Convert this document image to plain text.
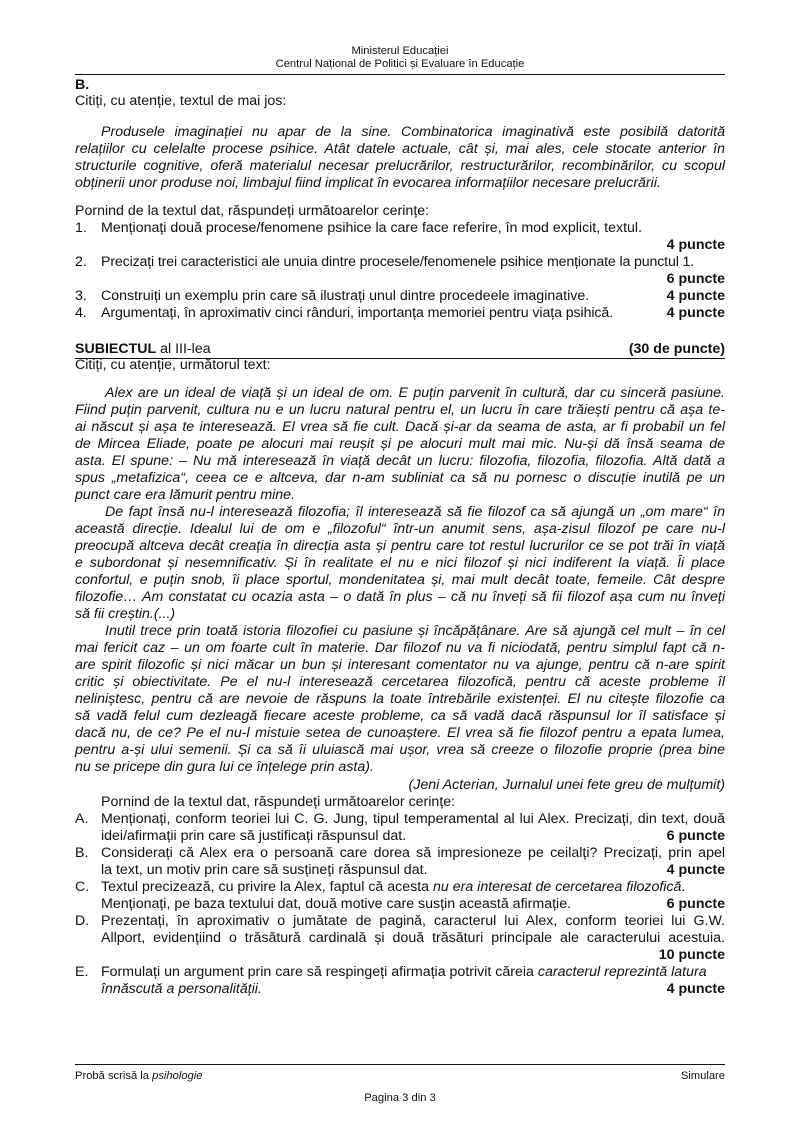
Ministerul Educației
Centrul Național de Politici și Evaluare în Educație
B.
Citiți, cu atenție, textul de mai jos:
Produsele imaginației nu apar de la sine. Combinatorica imaginativă este posibilă datorită
relațiilor cu celelalte procese psihice. Atât datele actuale, cât și, mai ales, cele stocate anterior în
structurile cognitive, oferă materialul necesar prelucrărilor, restructurărilor, recombinărilor, cu scopul
obținerii unor produse noi, limbajul fiind implicat în evocarea informațiilor necesare prelucrării.
Pornind de la textul dat, răspundeți următoarelor cerințe:
1. Menționați două procese/fenomene psihice la care face referire, în mod explicit, textul.
4 puncte
2. Precizați trei caracteristici ale unuia dintre procesele/fenomenele psihice menționate la punctul 1.
6 puncte
3. Construiți un exemplu prin care să ilustrați unul dintre procedeele imaginative.	4 puncte
4. Argumentați, în aproximativ cinci rânduri, importanța memoriei pentru viața psihică.	4 puncte
SUBIECTUL al III-lea	(30 de puncte)
Citiți, cu atenție, următorul text:
Alex are un ideal de viață și un ideal de om. E puțin parvenit în cultură, dar cu sinceră pasiune.
Fiind puțin parvenit, cultura nu e un lucru natural pentru el, un lucru în care trăiești pentru că așa te-
ai născut și așa te interesează. El vrea să fie cult. Dacă și-ar da seama de asta, ar fi probabil un fel
de Mircea Eliade, poate pe alocuri mai reușit și pe alocuri mult mai mic. Nu-și dă însă seama de
asta. El spune: – Nu mă interesează în viață decât un lucru: filozofia, filozofia, filozofia. Altă dată a
spus „metafizica“, ceea ce e altceva, dar n-am subliniat ca să nu pornesc o discuție inutilă pe un
punct care era lămurit pentru mine.
De fapt însă nu-l interesează filozofia; îl interesează să fie filozof ca să ajungă un „om mare“ în
această direcție. Idealul lui de om e „filozoful“ într-un anumit sens, așa-zisul filozof pe care nu-l
preocupă altceva decât creația în direcția asta și pentru care tot restul lucrurilor ce se pot trăi în viață
e subordonat și nesemnificativ. Și în realitate el nu e nici filozof și nici indiferent la viață. Îi place
confortul, e puțin snob, îi place sportul, mondenitatea și, mai mult decât toate, femeile. Cât despre
filozofie… Am constatat cu ocazia asta – o dată în plus – că nu înveți să fii filozof așa cum nu înveți
să fii creștin.(...)
Inutil trece prin toată istoria filozofiei cu pasiune și încăpățânare. Are să ajungă cel mult – în cel
mai fericit caz – un om foarte cult în materie. Dar filozof nu va fi niciodată, pentru simplul fapt că n-
are spirit filozofic și nici măcar un bun și interesant comentator nu va ajunge, pentru că n-are spirit
critic și obiectivitate. Pe el nu-l interesează cercetarea filozofică, pentru că aceste probleme îl
neliniștesc, pentru că are nevoie de răspuns la toate întrebările existenței. El nu citește filozofie ca
să vadă felul cum dezleagă fiecare aceste probleme, ca să vadă dacă răspunsul lor îl satisface și
dacă nu, de ce? Pe el nu-l mistuie setea de cunoaștere. El vrea să fie filozof pentru a epata lumea,
pentru a-și ului semenii. Și ca să îi uluiască mai ușor, vrea să creeze o filozofie proprie (prea bine
nu se pricepe din gura lui ce înțelege prin asta).
(Jeni Acterian, Jurnalul unei fete greu de mulțumit)
Pornind de la textul dat, răspundeți următoarelor cerințe:
A. Menționați, conform teoriei lui C. G. Jung, tipul temperamental al lui Alex. Precizați, din text, două
idei/afirmații prin care să justificați răspunsul dat.	6 puncte
B. Considerați că Alex era o persoană care dorea să impresioneze pe ceilalți? Precizați, prin apel
la text, un motiv prin care să susțineți răspunsul dat.	4 puncte
C. Textul precizează, cu privire la Alex, faptul că acesta nu era interesat de cercetarea filozofică.
Menționați, pe baza textului dat, două motive care susțin această afirmație.	6 puncte
D. Prezentați, în aproximativ o jumătate de pagină, caracterul lui Alex, conform teoriei lui G.W.
Allport, evidențiind o trăsătură cardinală și două trăsături principale ale caracterului acestuia.
10 puncte
E. Formulați un argument prin care să respingeți afirmația potrivit căreia caracterul reprezintă latura
înnăscută a personalității.	4 puncte
Probă scrisă la psihologie	Simulare
Pagina 3 din 3
